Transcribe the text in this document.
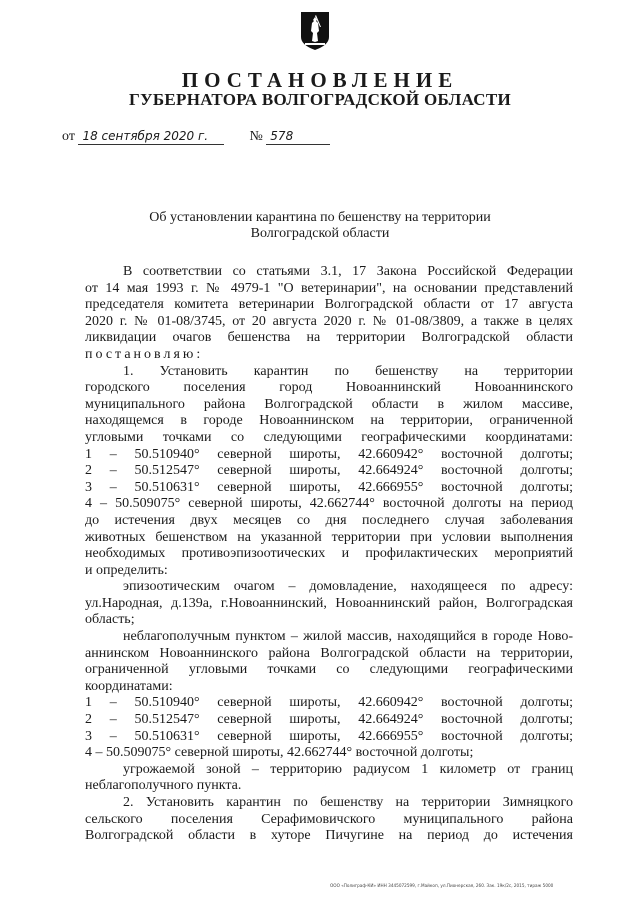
ПОСТАНОВЛЕНИЕ
ГУБЕРНАТОРА ВОЛГОГРАДСКОЙ ОБЛАСТИ
от 18 сентября 2020 г.	№ 578
Об установлении карантина по бешенству на территории
Волгоградской области

В соответствии со статьями 3.1, 17 Закона Российской Федерации

от 14 мая 1993 г. № 4979-1 "О ветеринарии", на основании представлений

председателя комитета ветеринарии Волгоградской области от 17 августа

2020 г. № 01-08/3745, от 20 августа 2020 г. № 01-08/3809, а также в целях

ликвидации очагов бешенства на территории Волгоградской области

постановляю:

1. Установить карантин по бешенству на территории

городского поселения город Новоаннинский Новоаннинского

муниципального района Волгоградской области в жилом массиве,

находящемся в городе Новоаннинском на территории, ограниченной

угловыми точками со следующими географическими координатами:

1 – 50.510940° северной широты, 42.660942° восточной долготы;

2 – 50.512547° северной широты, 42.664924° восточной долготы;

3 – 50.510631° северной широты, 42.666955° восточной долготы;

4 – 50.509075° северной широты, 42.662744° восточной долготы на период

до истечения двух месяцев со дня последнего случая заболевания

животных бешенством на указанной территории при условии выполнения

необходимых противоэпизоотических и профилактических мероприятий

и определить:

эпизоотическим очагом – домовладение, находящееся по адресу:

ул.Народная, д.139а, г.Новоаннинский, Новоаннинский район, Волгоградская

область;

неблагополучным пунктом – жилой массив, находящийся в городе Ново-

аннинском Новоаннинского района Волгоградской области на территории,

ограниченной угловыми точками со следующими географическими координатами:

1 – 50.510940° северной широты, 42.660942° восточной долготы;

2 – 50.512547° северной широты, 42.664924° восточной долготы;

3 – 50.510631° северной широты, 42.666955° восточной долготы;

4 – 50.509075° северной широты, 42.662744° восточной долготы;

угрожаемой зоной – территорию радиусом 1 километр от границ

неблагополучного пункта.

2. Установить карантин по бешенству на территории Зимняцкого

сельского поселения Серафимовичского муниципального района

Волгоградской области в хуторе Пичугине на период до истечения

ООО «Полиграф-КИ» ИНН 3445072599, г.Майкоп, ул.Пионерская, 260. Зак. 19к/2с, 2015, тираж 5000
